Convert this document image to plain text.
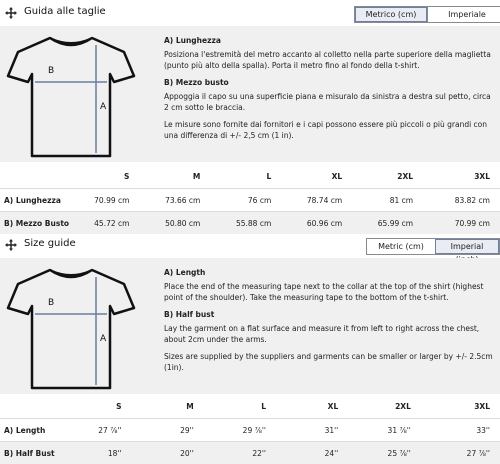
Guida alle taglie	Metrico (cm)	Imperiale
B
A
A) Lunghezza

Posiziona l'estremità del metro accanto al colletto nella parte superiore della maglietta (punto più alto della spalla). Porta il metro fino al fondo della t-shirt.

B) Mezzo busto

Appoggia il capo su una superficie piana e misuralo da sinistra a destra sul petto, circa 2 cm sotto le braccia.

Le misure sono fornite dai fornitori e i capi possono essere più piccoli o più grandi con una differenza di +/- 2,5 cm (1 in).

	S	M	L	XL	2XL	3XL
A) Lunghezza	70.99 cm	73.66 cm	76 cm	78.74 cm	81 cm	83.82 cm
B) Mezzo Busto	45.72 cm	50.80 cm	55.88 cm	60.96 cm	65.99 cm	70.99 cm
Size guide	Metric (cm)	Imperial
B
A
A) Length

Place the end of the measuring tape next to the collar at the top of the shirt (highest point of the shoulder). Take the measuring tape to the bottom of the t-shirt.

B) Half bust

Lay the garment on a flat surface and measure it from left to right across the chest, about 2cm under the arms.

Sizes are supplied by the suppliers and garments can be smaller or larger by +/- 2.5cm (1in).

	S	M	L	XL	2XL	3XL
A) Length	27 ⅞''	29''	29 ⅞''	31''	31 ⅞''	33''
B) Half Bust	18''	20''	22''	24''	25 ⅞''	27 ⅞''
